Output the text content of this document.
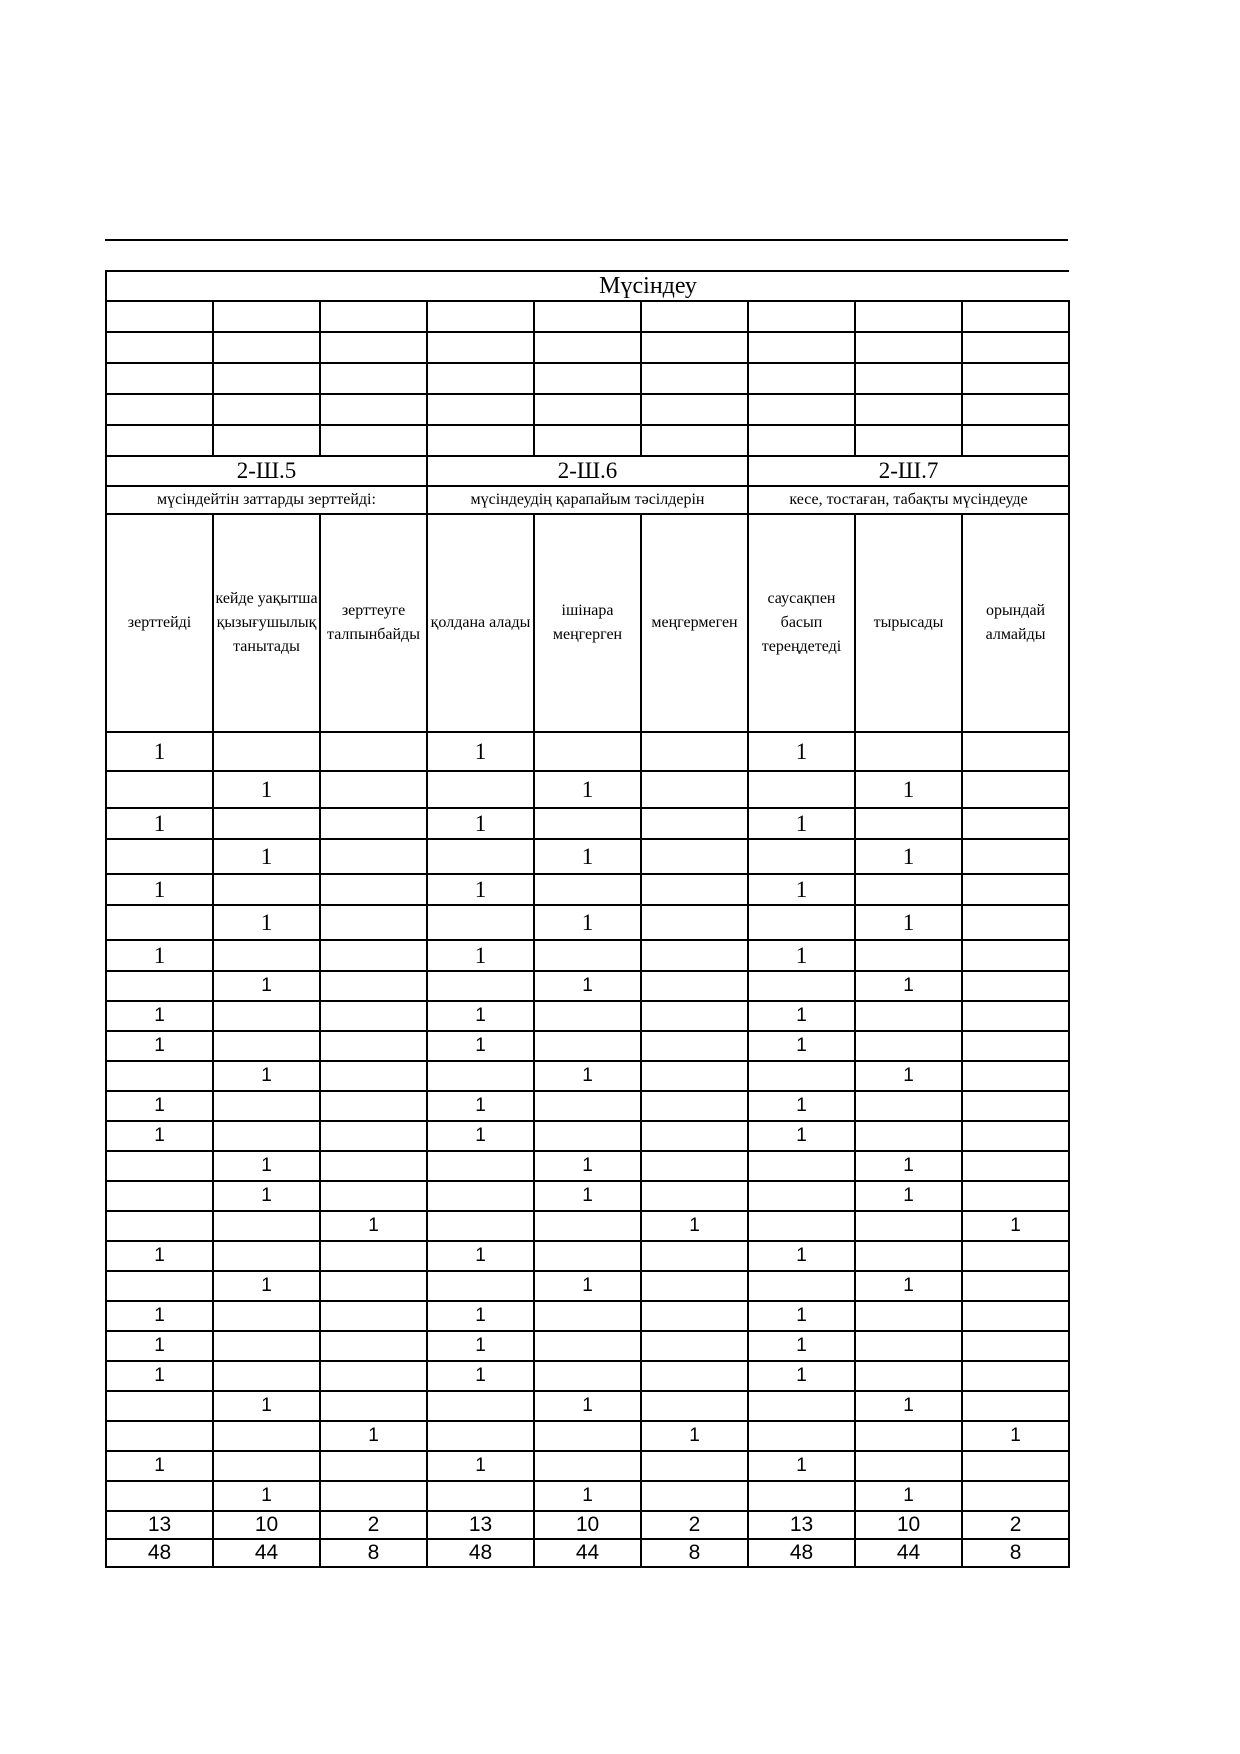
Мүсіндеу								

2-Ш.5			2-Ш.6			2-Ш.7		
мүсіндейтін заттарды зерттейді:			мүсіндеудің қарапайым тәсілдерін			кесе, тостаған, табақты мүсіндеуде		
зерттейді	кейде уақытша қызығушылық танытады	зерттеуге талпынбайды	қолдана алады	ішінара меңгерген	меңгермеген	саусақпен басып тереңдетеді	тырысады	орындай алмайды
1			1			1		
	1			1			1	
1			1			1		
	1			1			1	
1			1			1		
	1			1			1	
1			1			1		
	1			1			1	
1			1			1		
1			1			1		
	1			1			1	
1			1			1		
1			1			1		
	1			1			1	
	1			1			1	
		1			1			1
1			1			1		
	1			1			1	
1			1			1		
1			1			1		
1			1			1		
	1			1			1	
		1			1			1
1			1			1		
	1			1			1	
13	10	2	13	10	2	13	10	2
48	44	8	48	44	8	48	44	8
